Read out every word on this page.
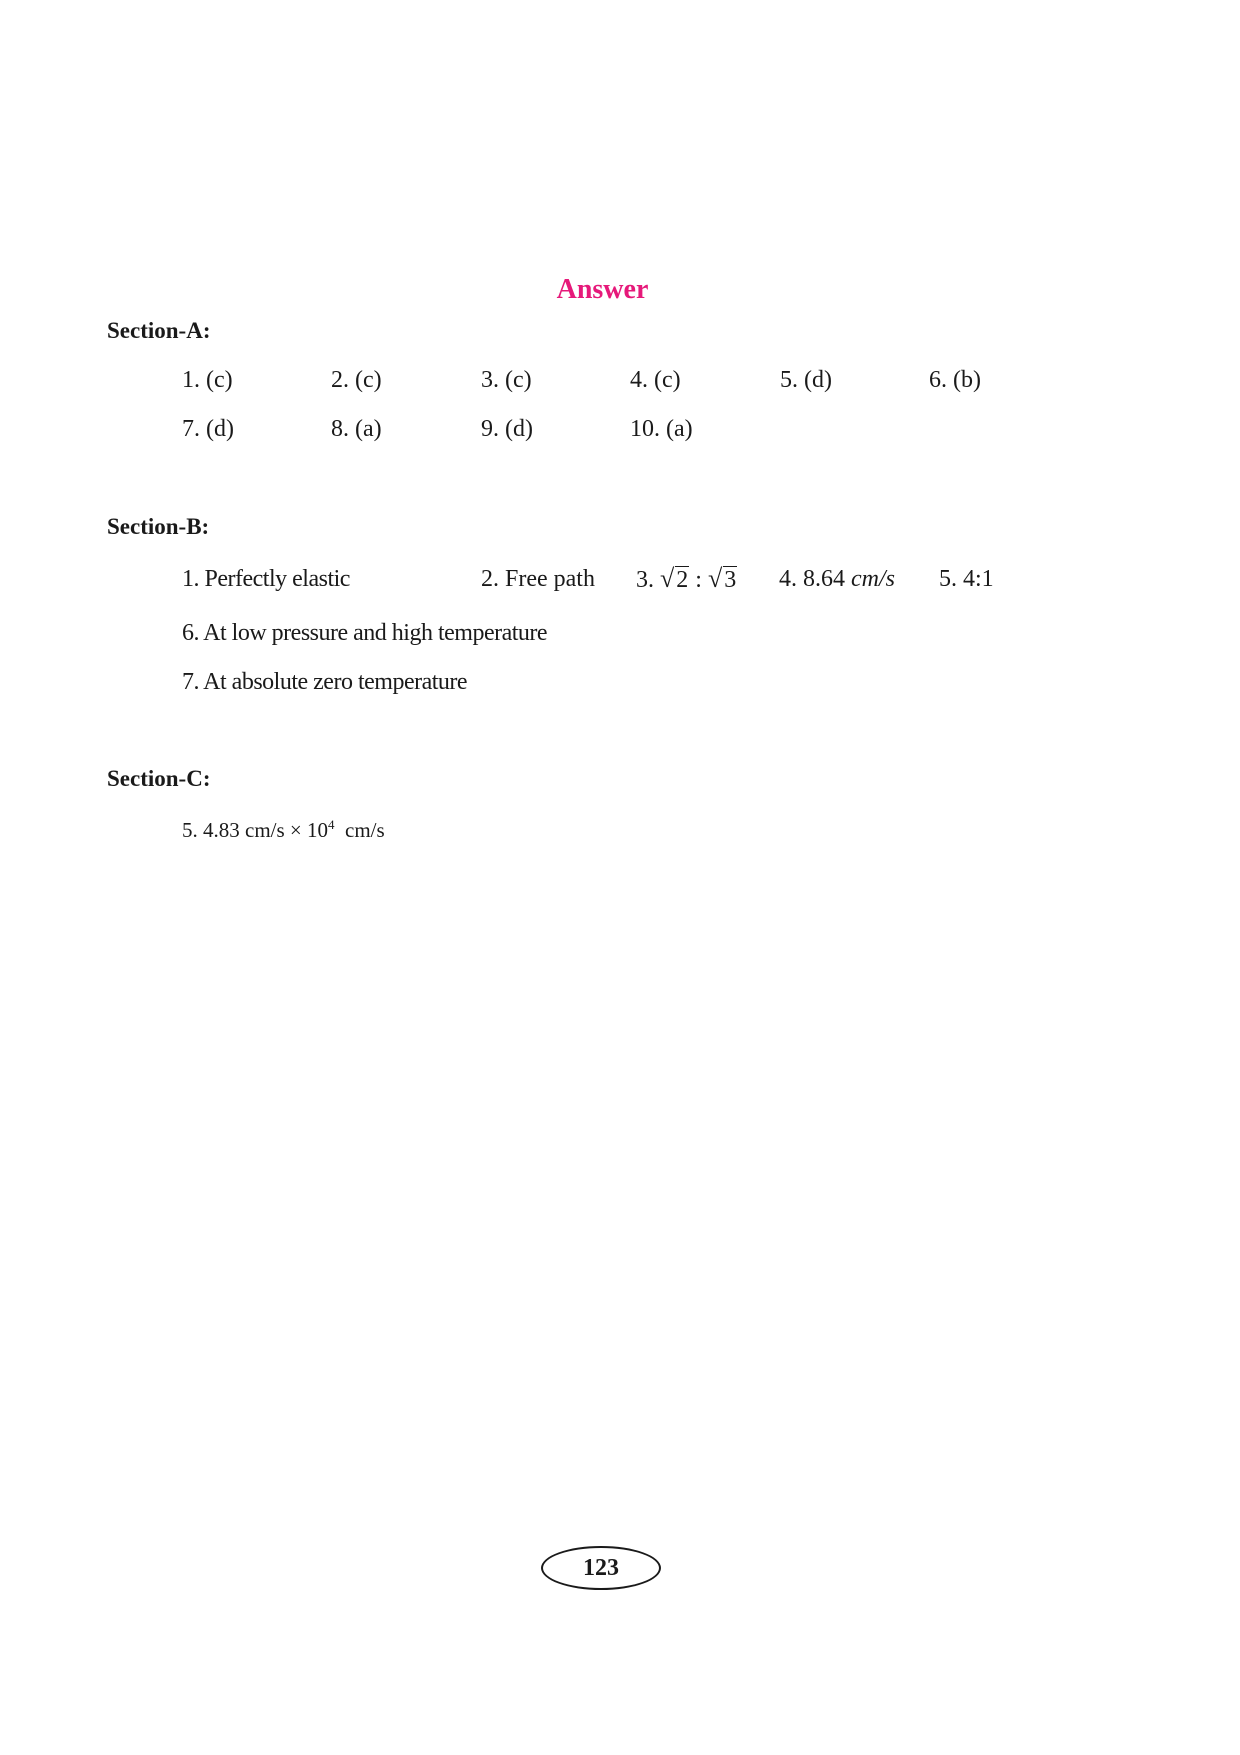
Answer
Section-A:
1. (c)	2. (c)	3. (c)	4. (c)	5. (d)	6. (b)
7. (d)	8. (a)	9. (d)	10. (a)
Section-B:
1. Perfectly elastic	2. Free path 3. √2 : √3 4. 8.64 cm/s 5. 4:1
6. At low pressure and high temperature
7. At absolute zero temperature
Section-C:
5. 4.83 $cm/s \times 10^4$ cm/s
123
